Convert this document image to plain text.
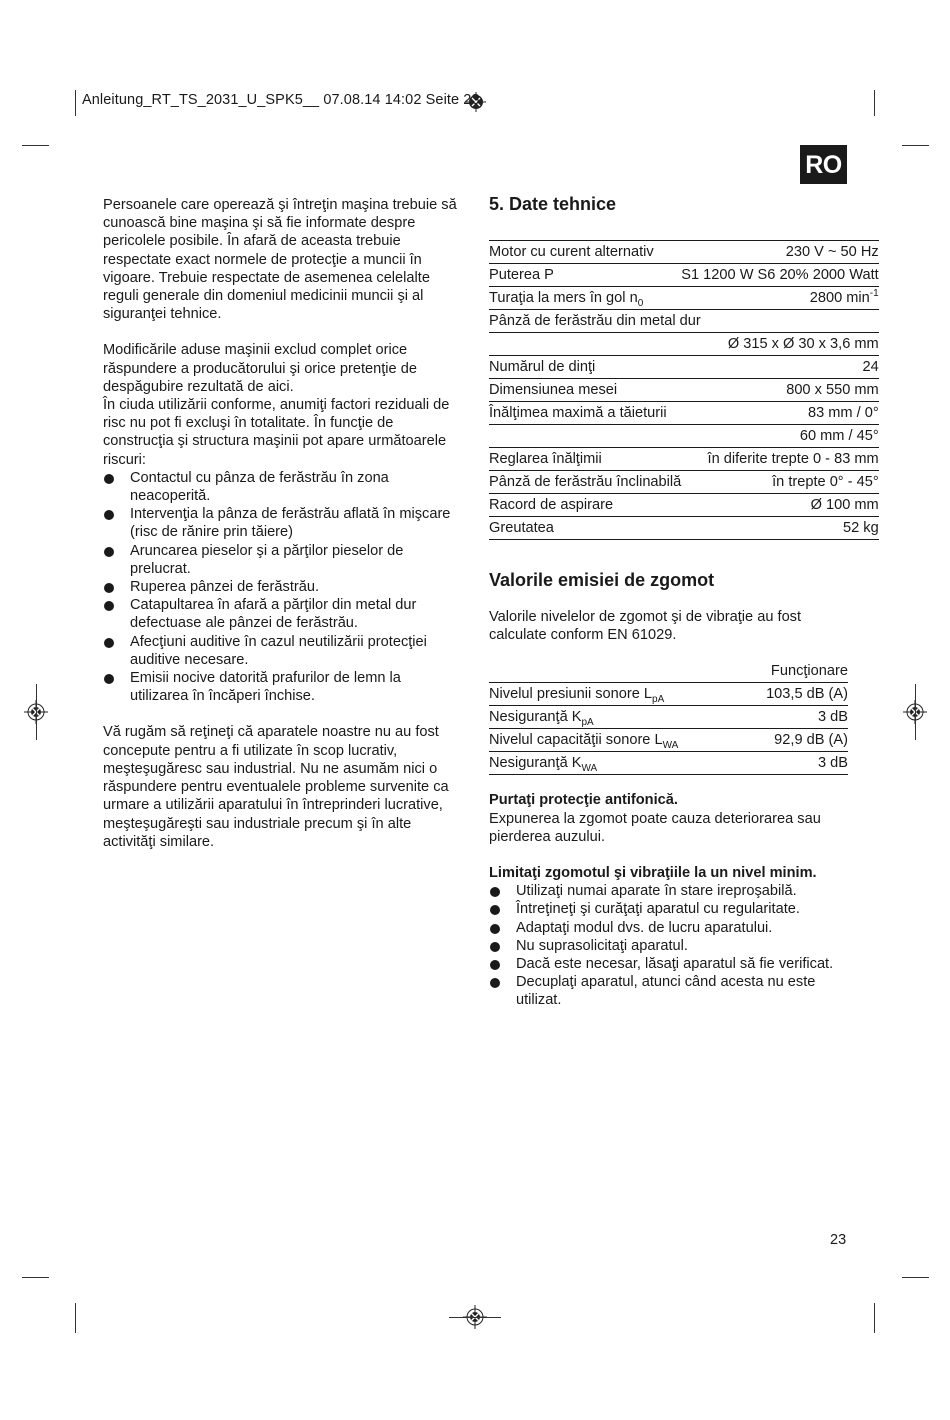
Anleitung_RT_TS_2031_U_SPK5__ 07.08.14 14:02 Seite 23
RO

Persoanele care operează şi întreţin maşina trebuie să cunoască bine maşina şi să fie informate despre pericolele posibile. În afară de aceasta trebuie respectate exact normele de protecţie a muncii în vigoare. Trebuie respectate de asemenea celelalte reguli generale din domeniul medicinii muncii şi al siguranţei tehnice.

Modificările aduse maşinii exclud complet orice răspundere a producătorului şi orice pretenţie de despăgubire rezultată de aici.

În ciuda utilizării conforme, anumiţi factori reziduali de risc nu pot fi excluşi în totalitate. În funcţie de construcţia şi structura maşinii pot apare următoarele riscuri:

Contactul cu pânza de ferăstrău în zona neacoperită.
Intervenţia la pânza de ferăstrău aflată în mişcare (risc de rănire prin tăiere)
Aruncarea pieselor şi a părţilor pieselor de prelucrat.
Ruperea pânzei de ferăstrău.
Catapultarea în afară a părţilor din metal dur defectuase ale pânzei de ferăstrău.
Afecţiuni auditive în cazul neutilizării protecţiei auditive necesare.
Emisii nocive datorită prafurilor de lemn la utilizarea în încăperi închise.

Vă rugăm să reţineţi că aparatele noastre nu au fost concepute pentru a fi utilizate în scop lucrativ, meşteşugăresc sau industrial. Nu ne asumăm nici o răspundere pentru eventualele probleme survenite ca urmare a utilizării aparatului în întreprinderi lucrative, meşteşugăreşti sau industriale precum şi în alte activităţi similare.

5. Date tehnice
Motor cu curent alternativ	230 V ~ 50 Hz
Puterea P	S1 1200 W S6 20% 2000 Watt
Turaţia la mers în gol $n_0$	2800 $\min^{-1}$
Pânză de ferăstrău din metal dur	
Ø 315 x Ø 30 x 3,6 mm	
Numărul de dinţi	24
Dimensiunea mesei	800 x 550 mm
Înălţimea maximă a tăieturii	83 mm / 0°
	60 mm / 45°
Reglarea înălţimii	în diferite trepte 0 - 83 mm
Pânză de ferăstrău înclinabilă	în trepte 0° - 45°
Racord de aspirare	Ø 100 mm
Greutatea	52 kg
Valorile emisiei de zgomot

Valorile nivelelor de zgomot şi de vibraţie au fost calculate conform EN 61029.

	Funcţionare
Nivelul presiunii sonore $L_{pA}$	103,5 dB (A)
Nesiguranţă $K_{pA}$	3 dB
Nivelul capacităţii sonore $L_{WA}$	92,9 dB (A)
Nesiguranţă $K_{WA}$	3 dB

Purtaţi protecţie antifonică.

Expunerea la zgomot poate cauza deteriorarea sau pierderea auzului.

Limitaţi zgomotul şi vibraţiile la un nivel minim.

Utilizaţi numai aparate în stare ireproşabilă.
Întreţineţi şi curăţaţi aparatul cu regularitate.
Adaptaţi modul dvs. de lucru aparatului.
Nu suprasolicitaţi aparatul.
Dacă este necesar, lăsaţi aparatul să fie verificat.
Decuplaţi aparatul, atunci când acesta nu este utilizat.
23
